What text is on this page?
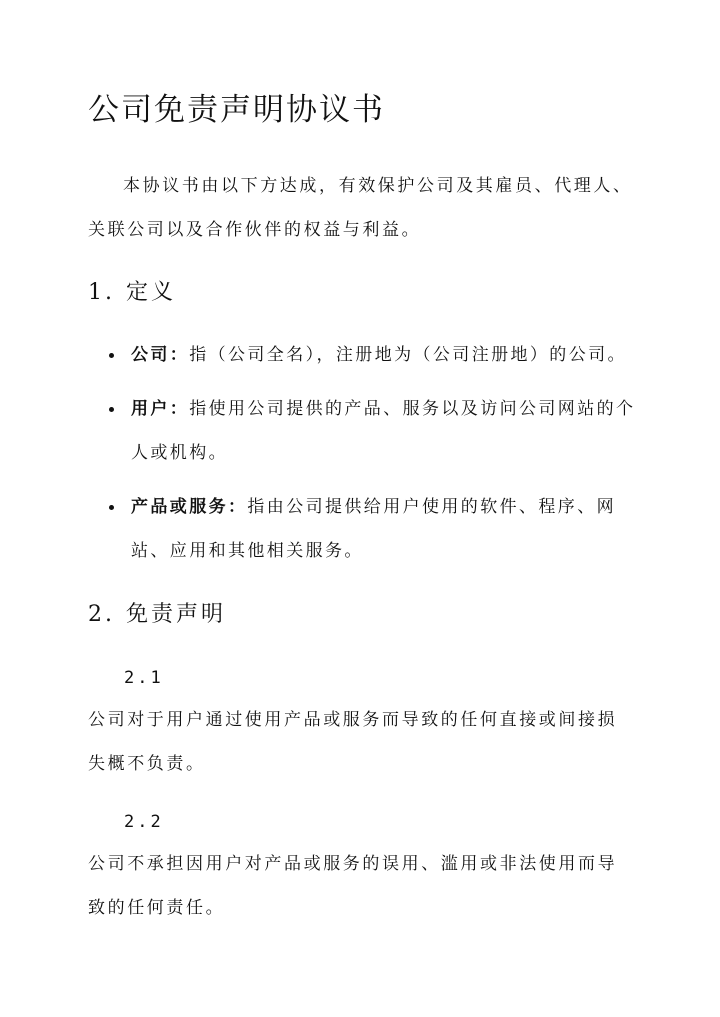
公司免责声明协议书

本协议书由以下方达成，有效保护公司及其雇员、代理人、关联公司以及合作伙伴的权益与利益。

1. 定义
公司：指（公司全名），注册地为（公司注册地）的公司。
用户：指使用公司提供的产品、服务以及访问公司网站的个人或机构。
产品或服务：指由公司提供给用户使用的软件、程序、网站、应用和其他相关服务。
2. 免责声明
2.1

公司对于用户通过使用产品或服务而导致的任何直接或间接损失概不负责。

2.2

公司不承担因用户对产品或服务的误用、滥用或非法使用而导致的任何责任。
